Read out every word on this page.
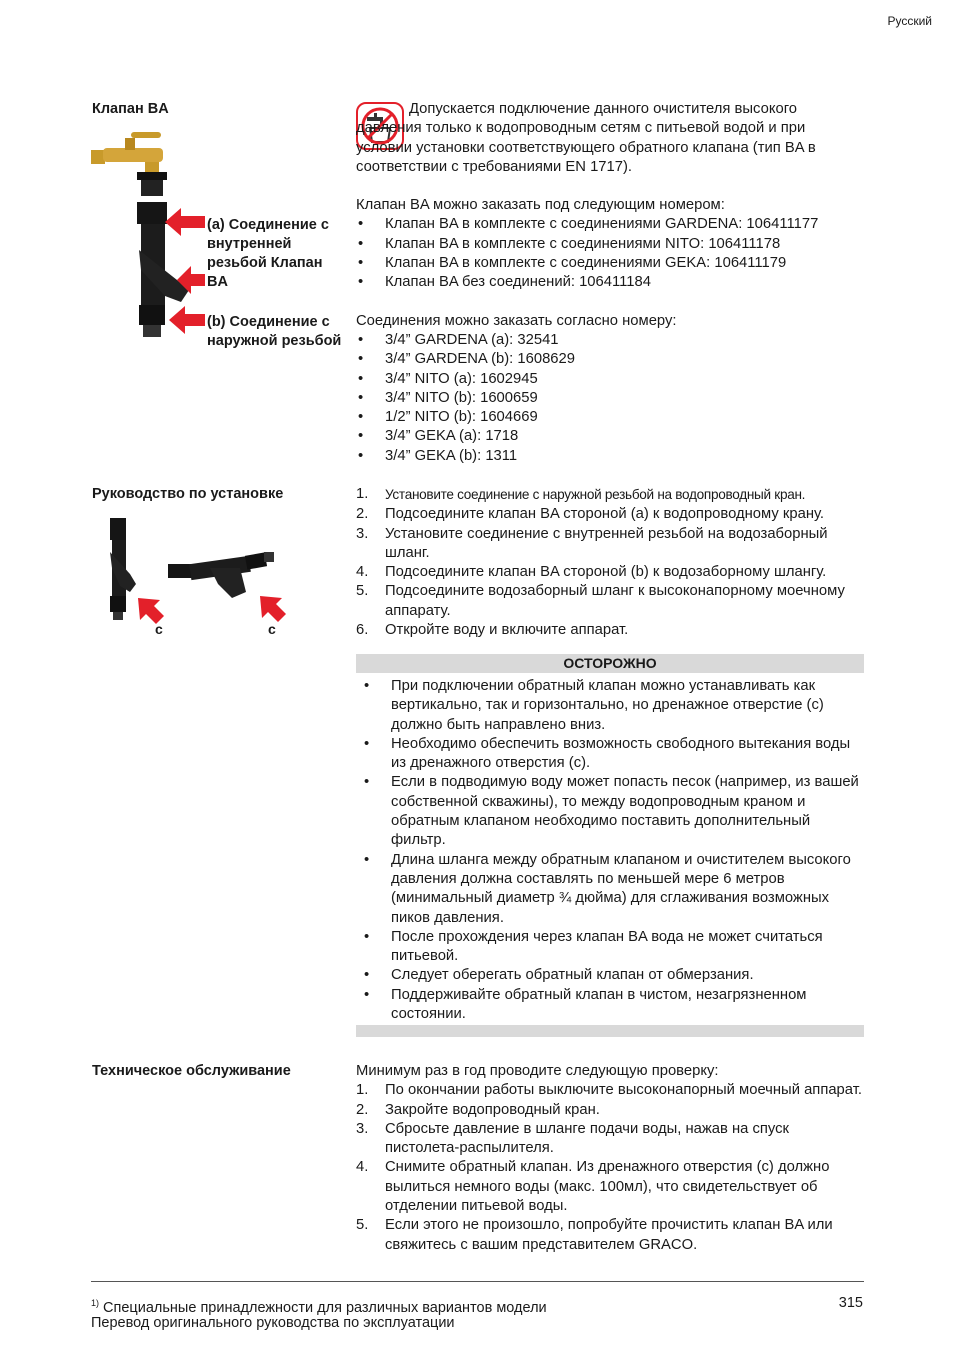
Русский
Клапан BA
(a) Соединение с внутренней резьбой Клапан BA
(b) Соединение с наружной резьбой

Допускается подключение данного очистителя высокого давления только к водопроводным сетям с питьевой водой и при условии установки соответствующего обратного клапана (тип BA в соответствии с требованиями EN 1717).

Клапан BA можно заказать под следующим номером:

• Клапан BA в комплекте с соединениями GARDENA: 106411177
• Клапан BA в комплекте с соединениями NITO: 106411178
• Клапан BA в комплекте с соединениями GEKA: 106411179
• Клапан BA без соединений: 106411184

Соединения можно заказать согласно номеру:

• 3/4” GARDENA (a): 32541
• 3/4” GARDENA (b): 1608629
• 3/4” NITO (a): 1602945
• 3/4” NITO (b): 1600659
• 1/2” NITO (b): 1604669
• 3/4” GEKA (a): 1718
• 3/4” GEKA (b): 1311
Руководство по установке
c	c
1. Установите соединение с наружной резьбой на водопроводный кран.
2. Подсоедините клапан BA стороной (a) к водопроводному крану.
3. Установите соединение с внутренней резьбой на водозаборный шланг.
4. Подсоедините клапан BA стороной (b) к водозаборному шлангу.
5. Подсоедините водозаборный шланг к высоконапорному моечному аппарату.
6. Откройте воду и включите аппарат.
ОСТОРОЖНО
• При подключении обратный клапан можно устанавливать как вертикально, так и горизонтально, но дренажное отверстие (c) должно быть направлено вниз.
• Необходимо обеспечить возможность свободного вытекания воды из дренажного отверстия (c).
• Если в подводимую воду может попасть песок (например, из вашей собственной скважины), то между водопроводным краном и обратным клапаном необходимо поставить дополнительный фильтр.
• Длина шланга между обратным клапаном и очистителем высокого давления должна составлять по меньшей мере 6 метров (минимальный диаметр ¾ дюйма) для сглаживания возможных пиков давления.
• После прохождения через клапан BA вода не может считаться питьевой.
• Следует оберегать обратный клапан от обмерзания.
• Поддерживайте обратный клапан в чистом, незагрязненном состоянии.
Техническое обслуживание	Минимум раз в год проводите следующую проверку:

1. По окончании работы выключите высоконапорный моечный аппарат.
2. Закройте водопроводный кран.
3. Сбросьте давление в шланге подачи воды, нажав на спуск пистолета-распылителя.
4. Снимите обратный клапан. Из дренажного отверстия (c) должно вылиться немного воды (макс. 100мл), что свидетельствует об отделении питьевой воды.
5. Если этого не произошло, попробуйте прочистить клапан BA или свяжитесь с вашим представителем GRACO.
$^{1)}$ Специальные принадлежности для различных вариантов модели	315
Перевод оригинального руководства по эксплуатации
